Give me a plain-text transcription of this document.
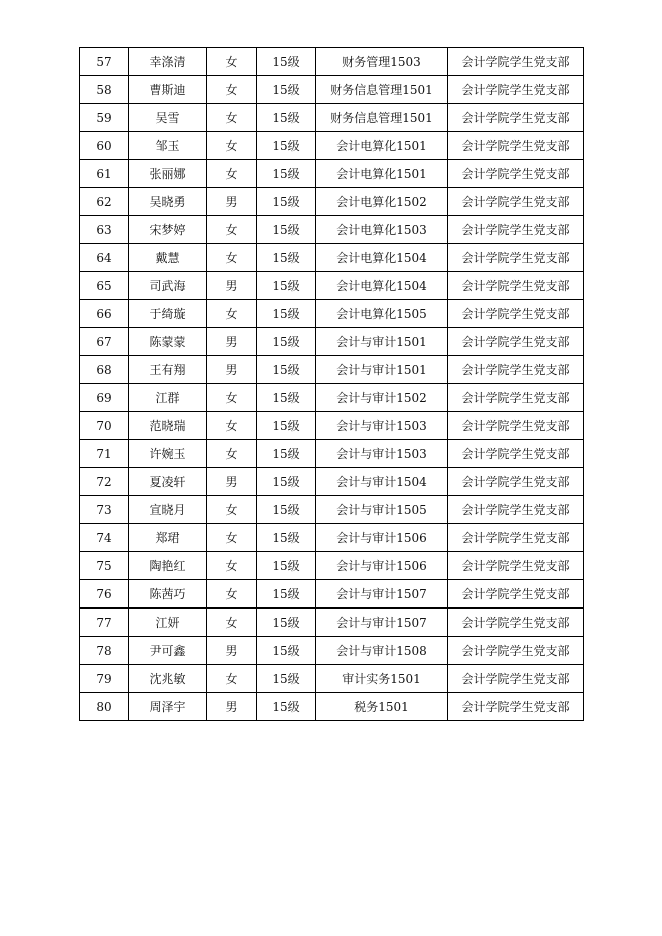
57	幸涤清	女	15级	财务管理1503	会计学院学生党支部
58	曹斯迪	女	15级	财务信息管理1501	会计学院学生党支部
59	吴雪	女	15级	财务信息管理1501	会计学院学生党支部
60	邹玉	女	15级	会计电算化1501	会计学院学生党支部
61	张丽娜	女	15级	会计电算化1501	会计学院学生党支部
62	吴晓勇	男	15级	会计电算化1502	会计学院学生党支部
63	宋梦婷	女	15级	会计电算化1503	会计学院学生党支部
64	戴慧	女	15级	会计电算化1504	会计学院学生党支部
65	司武海	男	15级	会计电算化1504	会计学院学生党支部
66	于绮璇	女	15级	会计电算化1505	会计学院学生党支部
67	陈蒙蒙	男	15级	会计与审计1501	会计学院学生党支部
68	王有翔	男	15级	会计与审计1501	会计学院学生党支部
69	江群	女	15级	会计与审计1502	会计学院学生党支部
70	范晓瑞	女	15级	会计与审计1503	会计学院学生党支部
71	许婉玉	女	15级	会计与审计1503	会计学院学生党支部
72	夏凌轩	男	15级	会计与审计1504	会计学院学生党支部
73	宣晓月	女	15级	会计与审计1505	会计学院学生党支部
74	郑珺	女	15级	会计与审计1506	会计学院学生党支部
75	陶艳红	女	15级	会计与审计1506	会计学院学生党支部
76	陈茜巧	女	15级	会计与审计1507	会计学院学生党支部
77	江妍	女	15级	会计与审计1507	会计学院学生党支部
78	尹可鑫	男	15级	会计与审计1508	会计学院学生党支部
79	沈兆敏	女	15级	审计实务1501	会计学院学生党支部
80	周泽宇	男	15级	税务1501	会计学院学生党支部
